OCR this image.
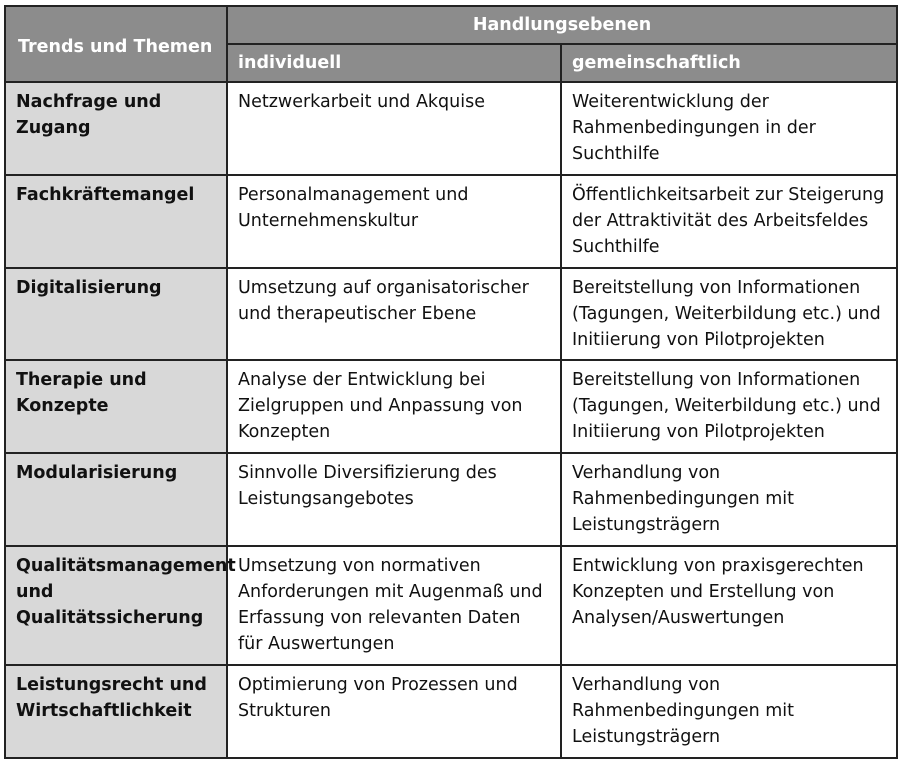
Trends und Themen	Handlungsebenen	
	individuell	gemeinschaftlich
Nachfrage und Zugang	Netzwerkarbeit und Akquise	Weiterentwicklung der Rahmenbedingungen in der Suchthilfe
Fachkräftemangel	Personalmanagement und Unternehmenskultur	Öffentlichkeitsarbeit zur Steigerung der Attraktivität des Arbeitsfeldes Suchthilfe
Digitalisierung	Umsetzung auf organisatorischer und therapeutischer Ebene	Bereitstellung von Informationen (Tagungen, Weiterbildung etc.) und Initiierung von Pilotprojekten
Therapie und Konzepte	Analyse der Entwicklung bei Zielgruppen und Anpassung von Konzepten	Bereitstellung von Informationen (Tagungen, Weiterbildung etc.) und Initiierung von Pilotprojekten
Modularisierung	Sinnvolle Diversifizierung des Leistungsangebotes	Verhandlung von Rahmenbedingungen mit Leistungsträgern
Qualitätsmanagement und Qualitätssicherung	Umsetzung von normativen Anforderungen mit Augenmaß und Erfassung von relevanten Daten für Auswertungen	Entwicklung von praxisgerechten Konzepten und Erstellung von Analysen/Auswertungen
Leistungsrecht und Wirtschaftlichkeit	Optimierung von Prozessen und Strukturen	Verhandlung von Rahmenbedingungen mit Leistungsträgern
